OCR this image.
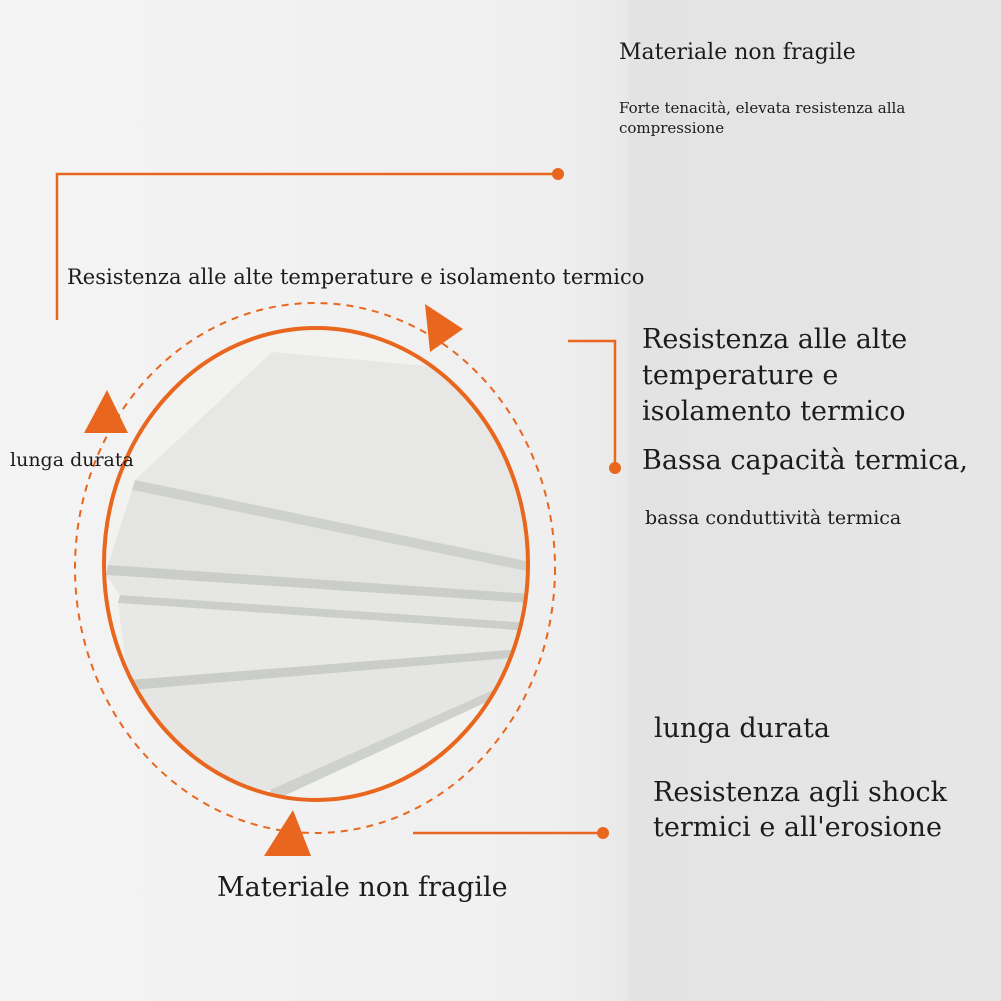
Materiale non fragile

Forte tenacità, elevata resistenza alla compressione

Resistenza alle alte temperature e isolamento termico

lunga durata

Materiale non fragile

Resistenza alle alte temperature e isolamento termico

Bassa capacità termica,

bassa conduttività termica

lunga durata

Resistenza agli shock termici e all'erosione
